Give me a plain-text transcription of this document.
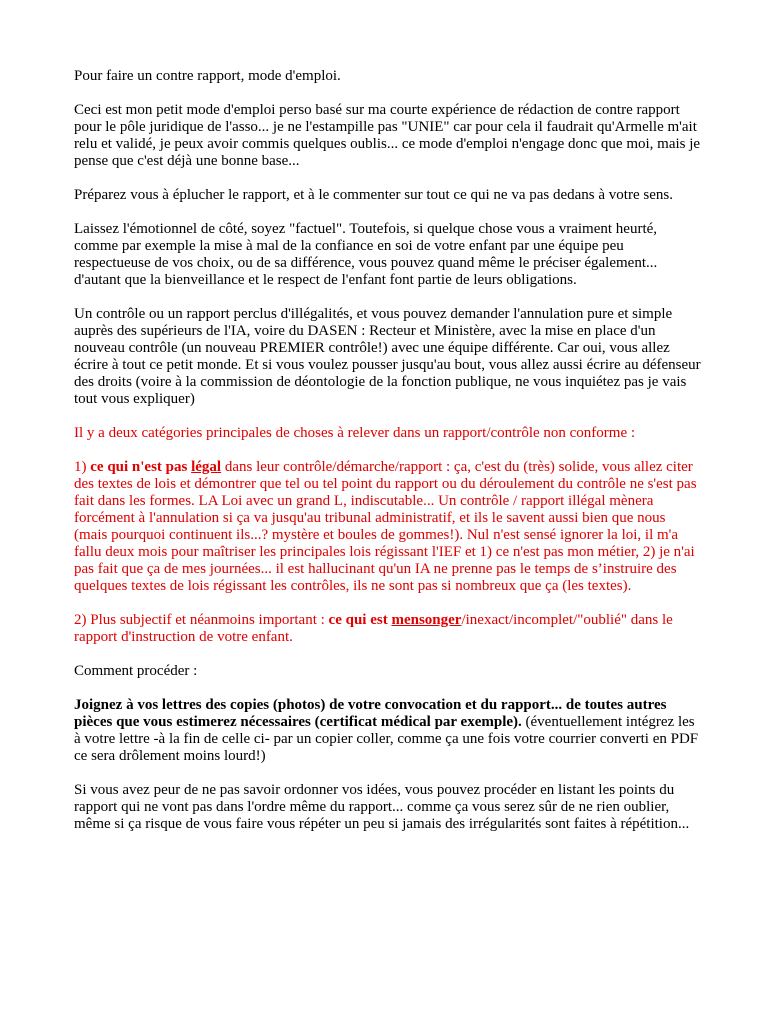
Pour faire un contre rapport, mode d'emploi.

Ceci est mon petit mode d'emploi perso basé sur ma courte expérience de rédaction de contre rapport pour le pôle juridique de l'asso... je ne l'estampille pas "UNIE" car pour cela il faudrait qu'Armelle m'ait relu et validé, je peux avoir commis quelques oublis... ce mode d'emploi n'engage donc que moi, mais je pense que c'est déjà une bonne base...

Préparez vous à éplucher le rapport, et à le commenter sur tout ce qui ne va pas dedans à votre sens.

Laissez l'émotionnel de côté, soyez "factuel". Toutefois, si quelque chose vous a vraiment heurté, comme par exemple la mise à mal de la confiance en soi de votre enfant par une équipe peu respectueuse de vos choix, ou de sa différence, vous pouvez quand même le préciser également... d'autant que la bienveillance et le respect de l'enfant font partie de leurs obligations.

Un contrôle ou un rapport perclus d'illégalités, et vous pouvez demander l'annulation pure et simple auprès des supérieurs de l'IA, voire du DASEN : Recteur et Ministère, avec la mise en place d'un nouveau contrôle (un nouveau PREMIER contrôle!) avec une équipe différente. Car oui, vous allez écrire à tout ce petit monde. Et si vous voulez pousser jusqu'au bout, vous allez aussi écrire au défenseur des droits (voire à la commission de déontologie de la fonction publique, ne vous inquiétez pas je vais tout vous expliquer)

Il y a deux catégories principales de choses à relever dans un rapport/contrôle non conforme :

1) ce qui n'est pas légal dans leur contrôle/démarche/rapport : ça, c'est du (très) solide, vous allez citer des textes de lois et démontrer que tel ou tel point du rapport ou du déroulement du contrôle ne s'est pas fait dans les formes. LA Loi avec un grand L, indiscutable... Un contrôle / rapport illégal mènera forcément à l'annulation si ça va jusqu'au tribunal administratif, et ils le savent aussi bien que nous (mais pourquoi continuent ils...? mystère et boules de gommes!). Nul n'est sensé ignorer la loi, il m'a fallu deux mois pour maîtriser les principales lois régissant l'IEF et 1) ce n'est pas mon métier, 2) je n'ai pas fait que ça de mes journées... il est hallucinant qu'un IA ne prenne pas le temps de s’instruire des quelques textes de lois régissant les contrôles, ils ne sont pas si nombreux que ça (les textes).

2) Plus subjectif et néanmoins important : ce qui est mensonger/inexact/incomplet/"oublié" dans le rapport d'instruction de votre enfant.

Comment procéder :

Joignez à vos lettres des copies (photos) de votre convocation et du rapport... de toutes autres pièces que vous estimerez nécessaires (certificat médical par exemple). (éventuellement intégrez les à votre lettre -à la fin de celle ci- par un copier coller, comme ça une fois votre courrier converti en PDF ce sera drôlement moins lourd!)

Si vous avez peur de ne pas savoir ordonner vos idées, vous pouvez procéder en listant les points du rapport qui ne vont pas dans l'ordre même du rapport... comme ça vous serez sûr de ne rien oublier, même si ça risque de vous faire vous répéter un peu si jamais des irrégularités sont faites à répétition...
